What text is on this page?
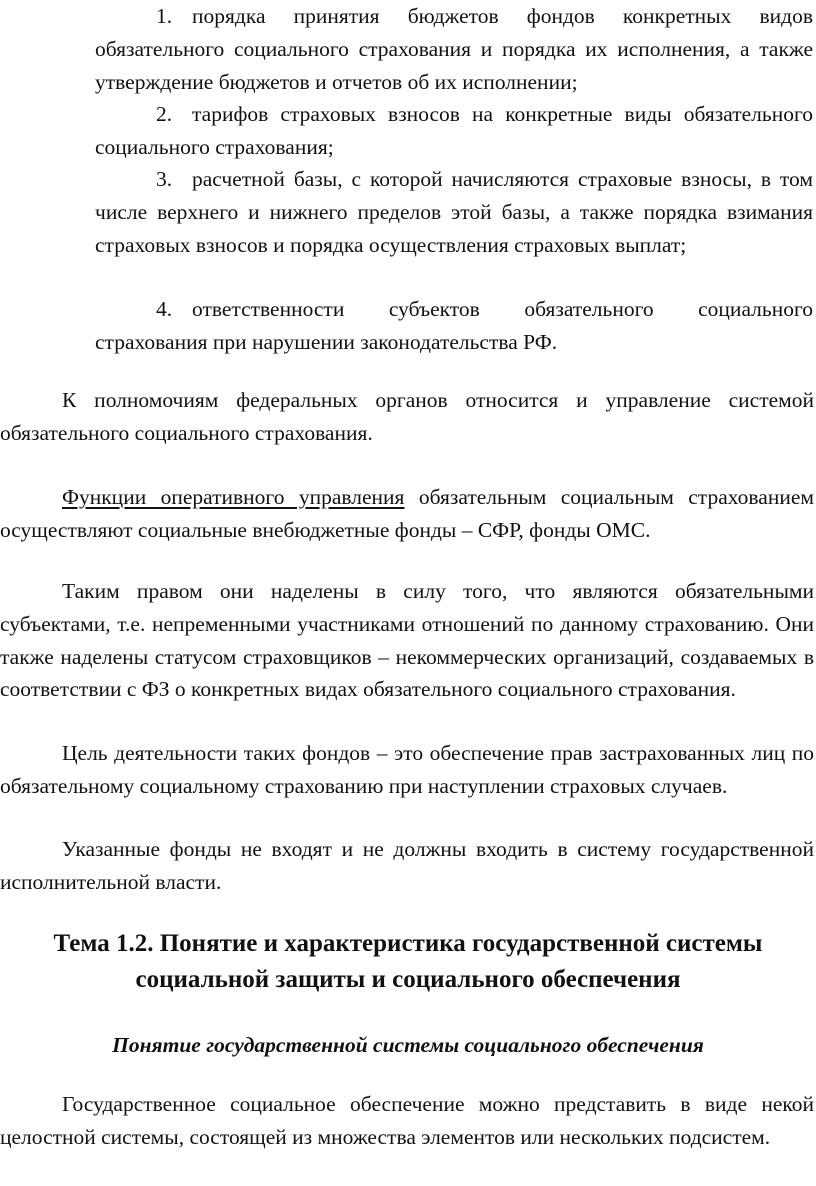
1. порядка принятия бюджетов фондов конкретных видов обязательного социального страхования и порядка их исполнения, а также утверждение бюджетов и отчетов об их исполнении;

2. тарифов страховых взносов на конкретные виды обязательного социального страхования;

3. расчетной базы, с которой начисляются страховые взносы, в том числе верхнего и нижнего пределов этой базы, а также порядка взимания страховых взносов и порядка осуществления страховых выплат;

4. ответственности субъектов обязательного социального страхования при нарушении законодательства РФ.

К полномочиям федеральных органов относится и управление системой обязательного социального страхования.

Функции оперативного управления обязательным социальным страхованием осуществляют социальные внебюджетные фонды – СФР, фонды ОМС.

Таким правом они наделены в силу того, что являются обязательными субъектами, т.е. непременными участниками отношений по данному страхованию. Они также наделены статусом страховщиков – некоммерческих организаций, создаваемых в соответствии с ФЗ о конкретных видах обязательного социального страхования.

Цель деятельности таких фондов – это обеспечение прав застрахованных лиц по обязательному социальному страхованию при наступлении страховых случаев.

Указанные фонды не входят и не должны входить в систему государственной исполнительной власти.

Тема 1.2. Понятие и характеристика государственной системы
социальной защиты и социального обеспечения
Понятие государственной системы социального обеспечения

Государственное социальное обеспечение можно представить в виде некой целостной системы, состоящей из множества элементов или нескольких подсистем.
